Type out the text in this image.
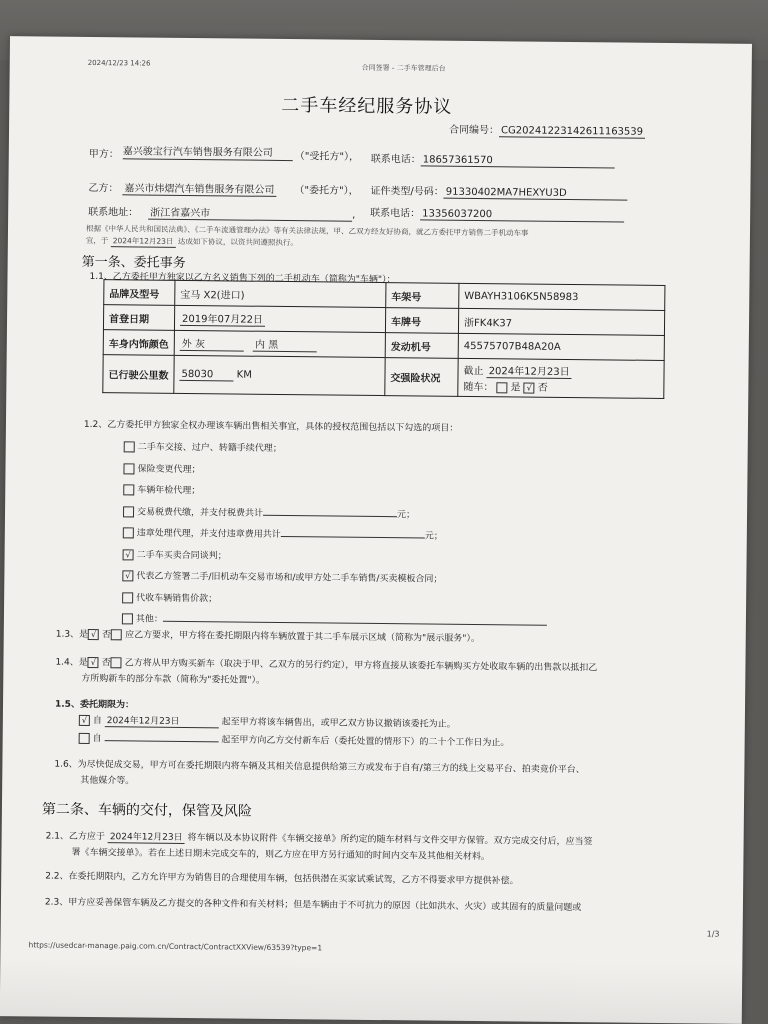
2024/12/23 14:26
合同签署 - 二手车管理后台
二手车经纪服务协议
合同编号： CG20241223142611163539
甲方： 嘉兴骏宝行汽车销售服务有限公司	（"受托方"）， 联系电话： 18657361570
乙方： 嘉兴市炜熠汽车销售服务有限公司 （"委托方"）， 证件类型/号码： 91330402MA7HEXYU3D
联系地址： 浙江省嘉兴市	, 联系电话： 13356037200
根据《中华人民共和国民法典》、《二手车流通管理办法》等有关法律法规，甲、乙双方经友好协商，就乙方委托甲方销售二手机动车事
宜，于 2024年12月23日 达成如下协议，以资共同遵照执行。
第一条、委托事务
1.1、乙方委托甲方独家以乙方名义销售下列的二手机动车（简称为"车辆"）：
品牌及型号	宝马 X2(进口)	车架号	WBAYH3106K5N58983
首登日期	2019年07月22日	车牌号	浙FK4K37
车身内饰颜色	外 灰 内 黑	发动机号	45575707B48A20A
已行驶公里数	58030 KM	交强险状况	截止 2024年12月23日
随车： 是 √ 否
1.2、乙方委托甲方独家全权办理该车辆出售相关事宜，具体的授权范围包括以下勾选的项目：
二手车交接、过户、转籍手续代理；
保险变更代理；
车辆年检代理；
交易税费代缴，并支付税费共计	元；
违章处理代理，并支付违章费用共计	元；
√ 二手车买卖合同谈判；
√ 代表乙方签署二手/旧机动车交易市场和/或甲方处二手车销售/买卖模板合同；
代收车辆销售价款；
其他：
1.3、是 √ 否 应乙方要求，甲方将在委托期限内将车辆放置于其二手车展示区域（简称为"展示服务"）。
1.4、是 √ 否 乙方将从甲方购买新车（取决于甲、乙双方的另行约定），甲方将直接从该委托车辆购买方处收取车辆的出售款以抵扣乙
方所购新车的部分车款（简称为"委托处置"）。
1.5、委托期限为：
√ 自 2024年12月23日	起至甲方将该车辆售出，或甲乙双方协议撤销该委托为止。
自	起至甲方向乙方交付新车后（委托处置的情形下）的二十个工作日为止。
1.6、为尽快促成交易，甲方可在委托期限内将车辆及其相关信息提供给第三方或发布于自有/第三方的线上交易平台、拍卖竞价平台、
其他媒介等。
第二条、车辆的交付，保管及风险
2.1、乙方应于 2024年12月23日 将车辆以及本协议附件《车辆交接单》所约定的随车材料与文件交甲方保管。双方完成交付后，应当签
署《车辆交接单》。若在上述日期未完成交车的，则乙方应在甲方另行通知的时间内交车及其他相关材料。
2.2、在委托期限内，乙方允许甲方为销售目的合理使用车辆，包括供潜在买家试乘试驾，乙方不得要求甲方提供补偿。
2.3、甲方应妥善保管车辆及乙方提交的各种文件和有关材料；但是车辆由于不可抗力的原因（比如洪水、火灾）或其固有的质量问题或
https://usedcar-manage.paig.com.cn/Contract/ContractXXView/63539?type=1
1/3
